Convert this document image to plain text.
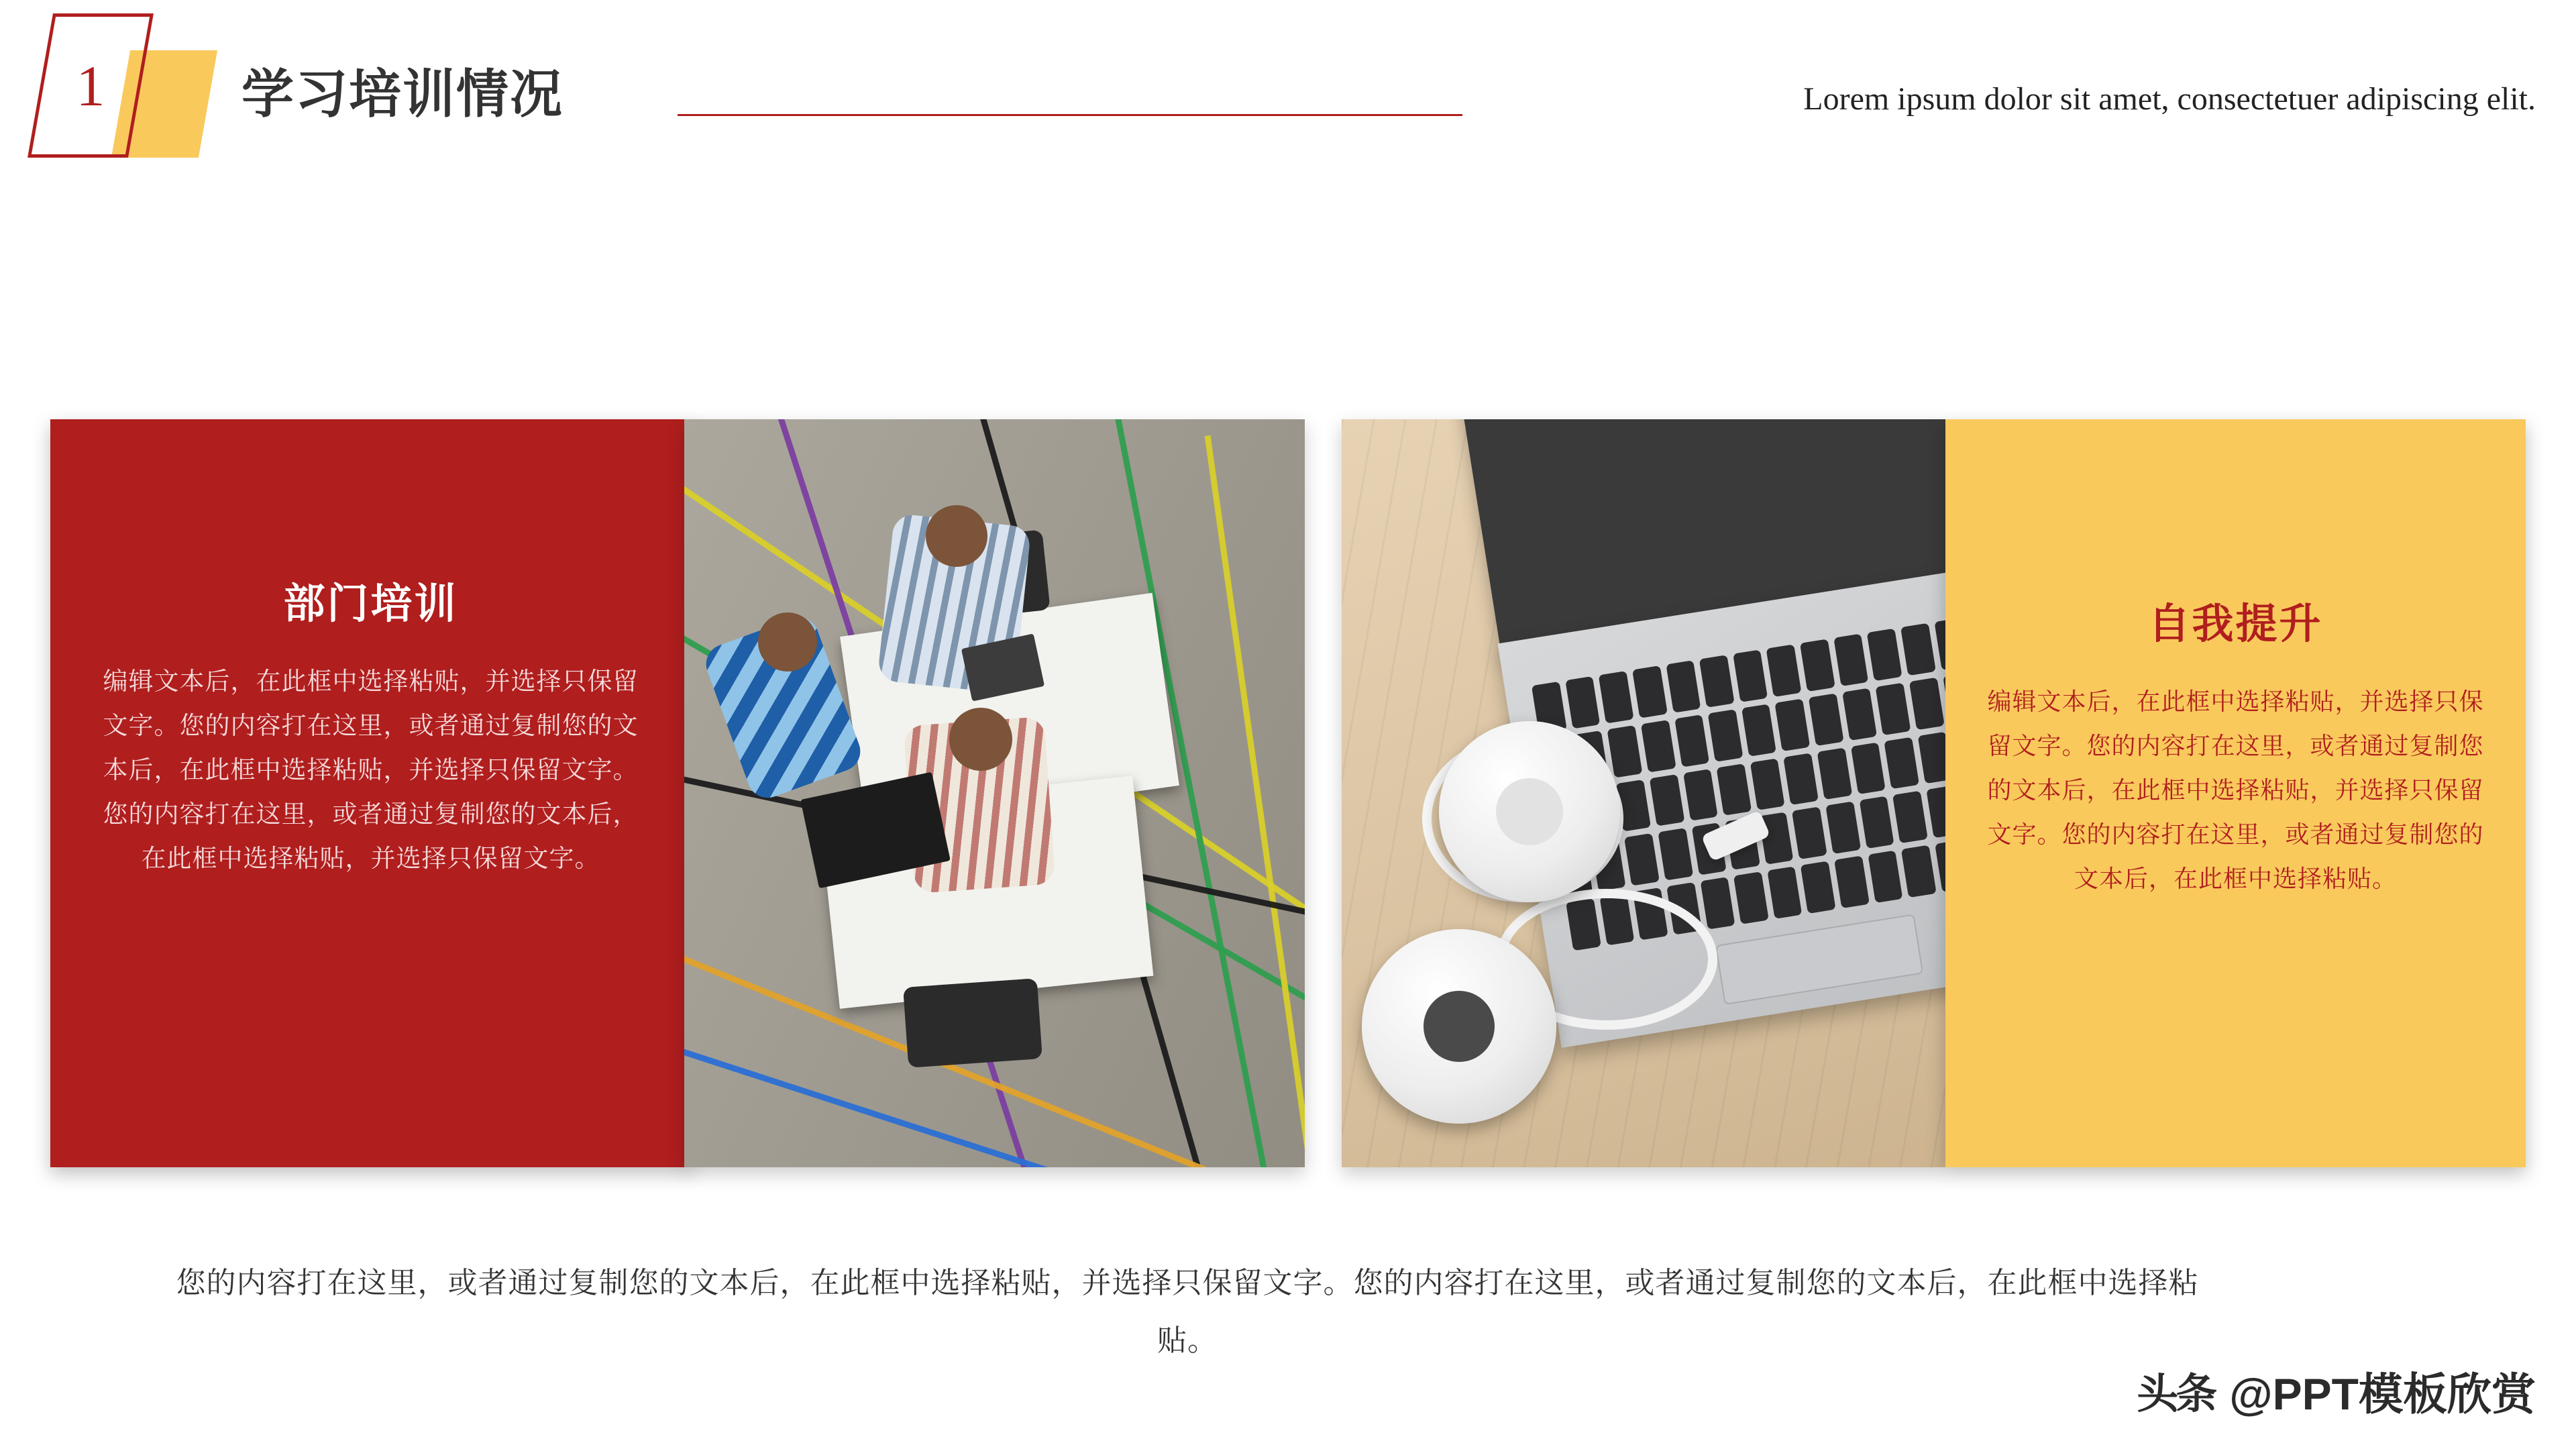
1	学习培训情况	Lorem ipsum dolor sit amet, consectetuer adipiscing elit.
部门培训
编辑文本后，在此框中选择粘贴，并选择只保留文字。您的内容打在这里，或者通过复制您的文本后，在此框中选择粘贴，并选择只保留文字。您的内容打在这里，或者通过复制您的文本后，在此框中选择粘贴，并选择只保留文字。
自我提升
编辑文本后，在此框中选择粘贴，并选择只保留文字。您的内容打在这里，或者通过复制您的文本后，在此框中选择粘贴，并选择只保留文字。您的内容打在这里，或者通过复制您的文本后，在此框中选择粘贴。
您的内容打在这里，或者通过复制您的文本后，在此框中选择粘贴，并选择只保留文字。您的内容打在这里，或者通过复制您的文本后，在此框中选择粘贴。
头条 @PPT模板欣赏
